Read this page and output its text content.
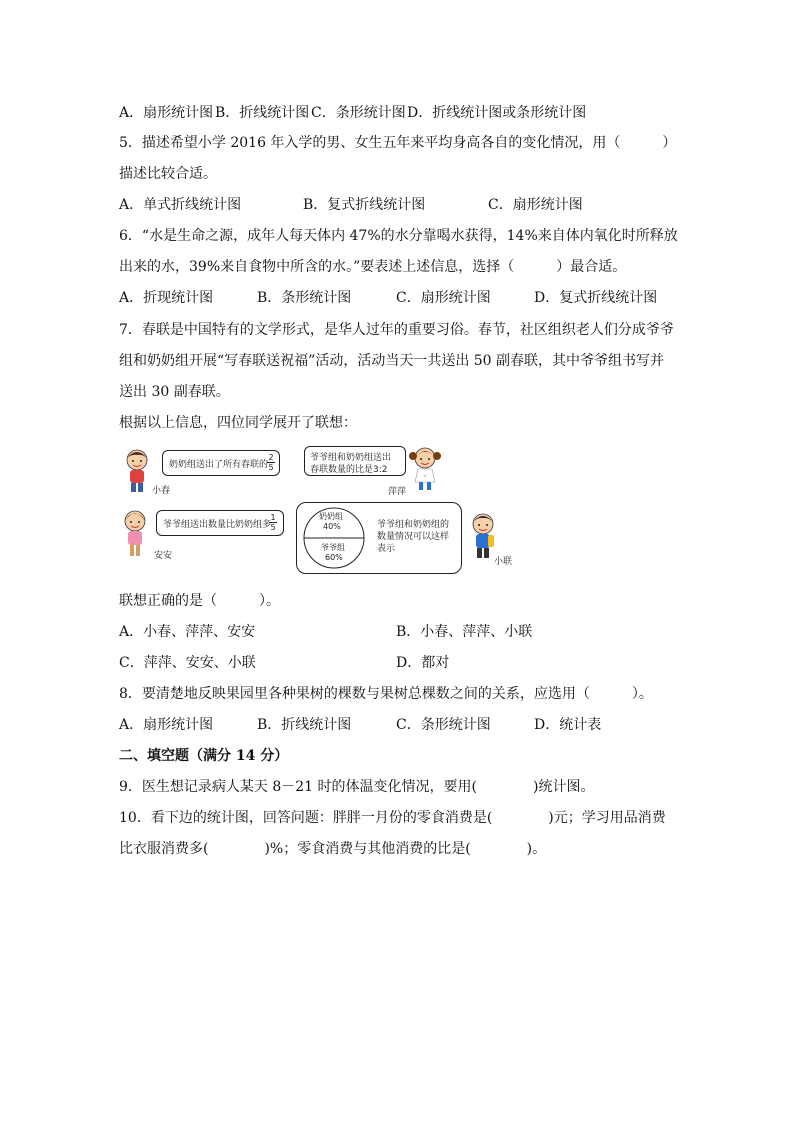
A．扇形统计图 B．折线统计图 C．条形统计图 D．折线统计图或条形统计图
5．描述希望小学 2016 年入学的男、女生五年来平均身高各自的变化情况，用（　　　）
描述比较合适。
A．单式折线统计图	B．复式折线统计图	C．扇形统计图
6．“水是生命之源，成年人每天体内 47%的水分靠喝水获得，14%来自体内氧化时所释放
出来的水，39%来自食物中所含的水。”要表述上述信息，选择（　　　）最合适。
A．折现统计图	B．条形统计图	C．扇形统计图	D．复式折线统计图
7．春联是中国特有的文学形式，是华人过年的重要习俗。春节，社区组织老人们分成爷爷
组和奶奶组开展“写春联送祝福”活动，活动当天一共送出 50 副春联，其中爷爷组书写并
送出 30 副春联。
根据以上信息，四位同学展开了联想：
小春
奶奶组送出了所有春联的
2
5
爷爷组和奶奶组送出
春联数量的比是3:2
萍萍
安安
爷爷组送出数量比奶奶组多
1
5
奶奶组
40%
爷爷组
60%
爷爷组和奶奶组的
数量情况可以这样
表示
小联
联想正确的是（　　　）。
A．小春、萍萍、安安	B．小春、萍萍、小联
C．萍萍、安安、小联	D．都对
8．要清楚地反映果园里各种果树的棵数与果树总棵数之间的关系，应选用（　　　）。
A．扇形统计图	B．折线统计图	C．条形统计图	D．统计表
二、填空题（满分 14 分）
9．医生想记录病人某天 8－21 时的体温变化情况，要用(　　　　)统计图。
10．看下边的统计图，回答问题：胖胖一月份的零食消费是(　　　　)元；学习用品消费
比衣服消费多(　　　　)%；零食消费与其他消费的比是(　　　　)。
